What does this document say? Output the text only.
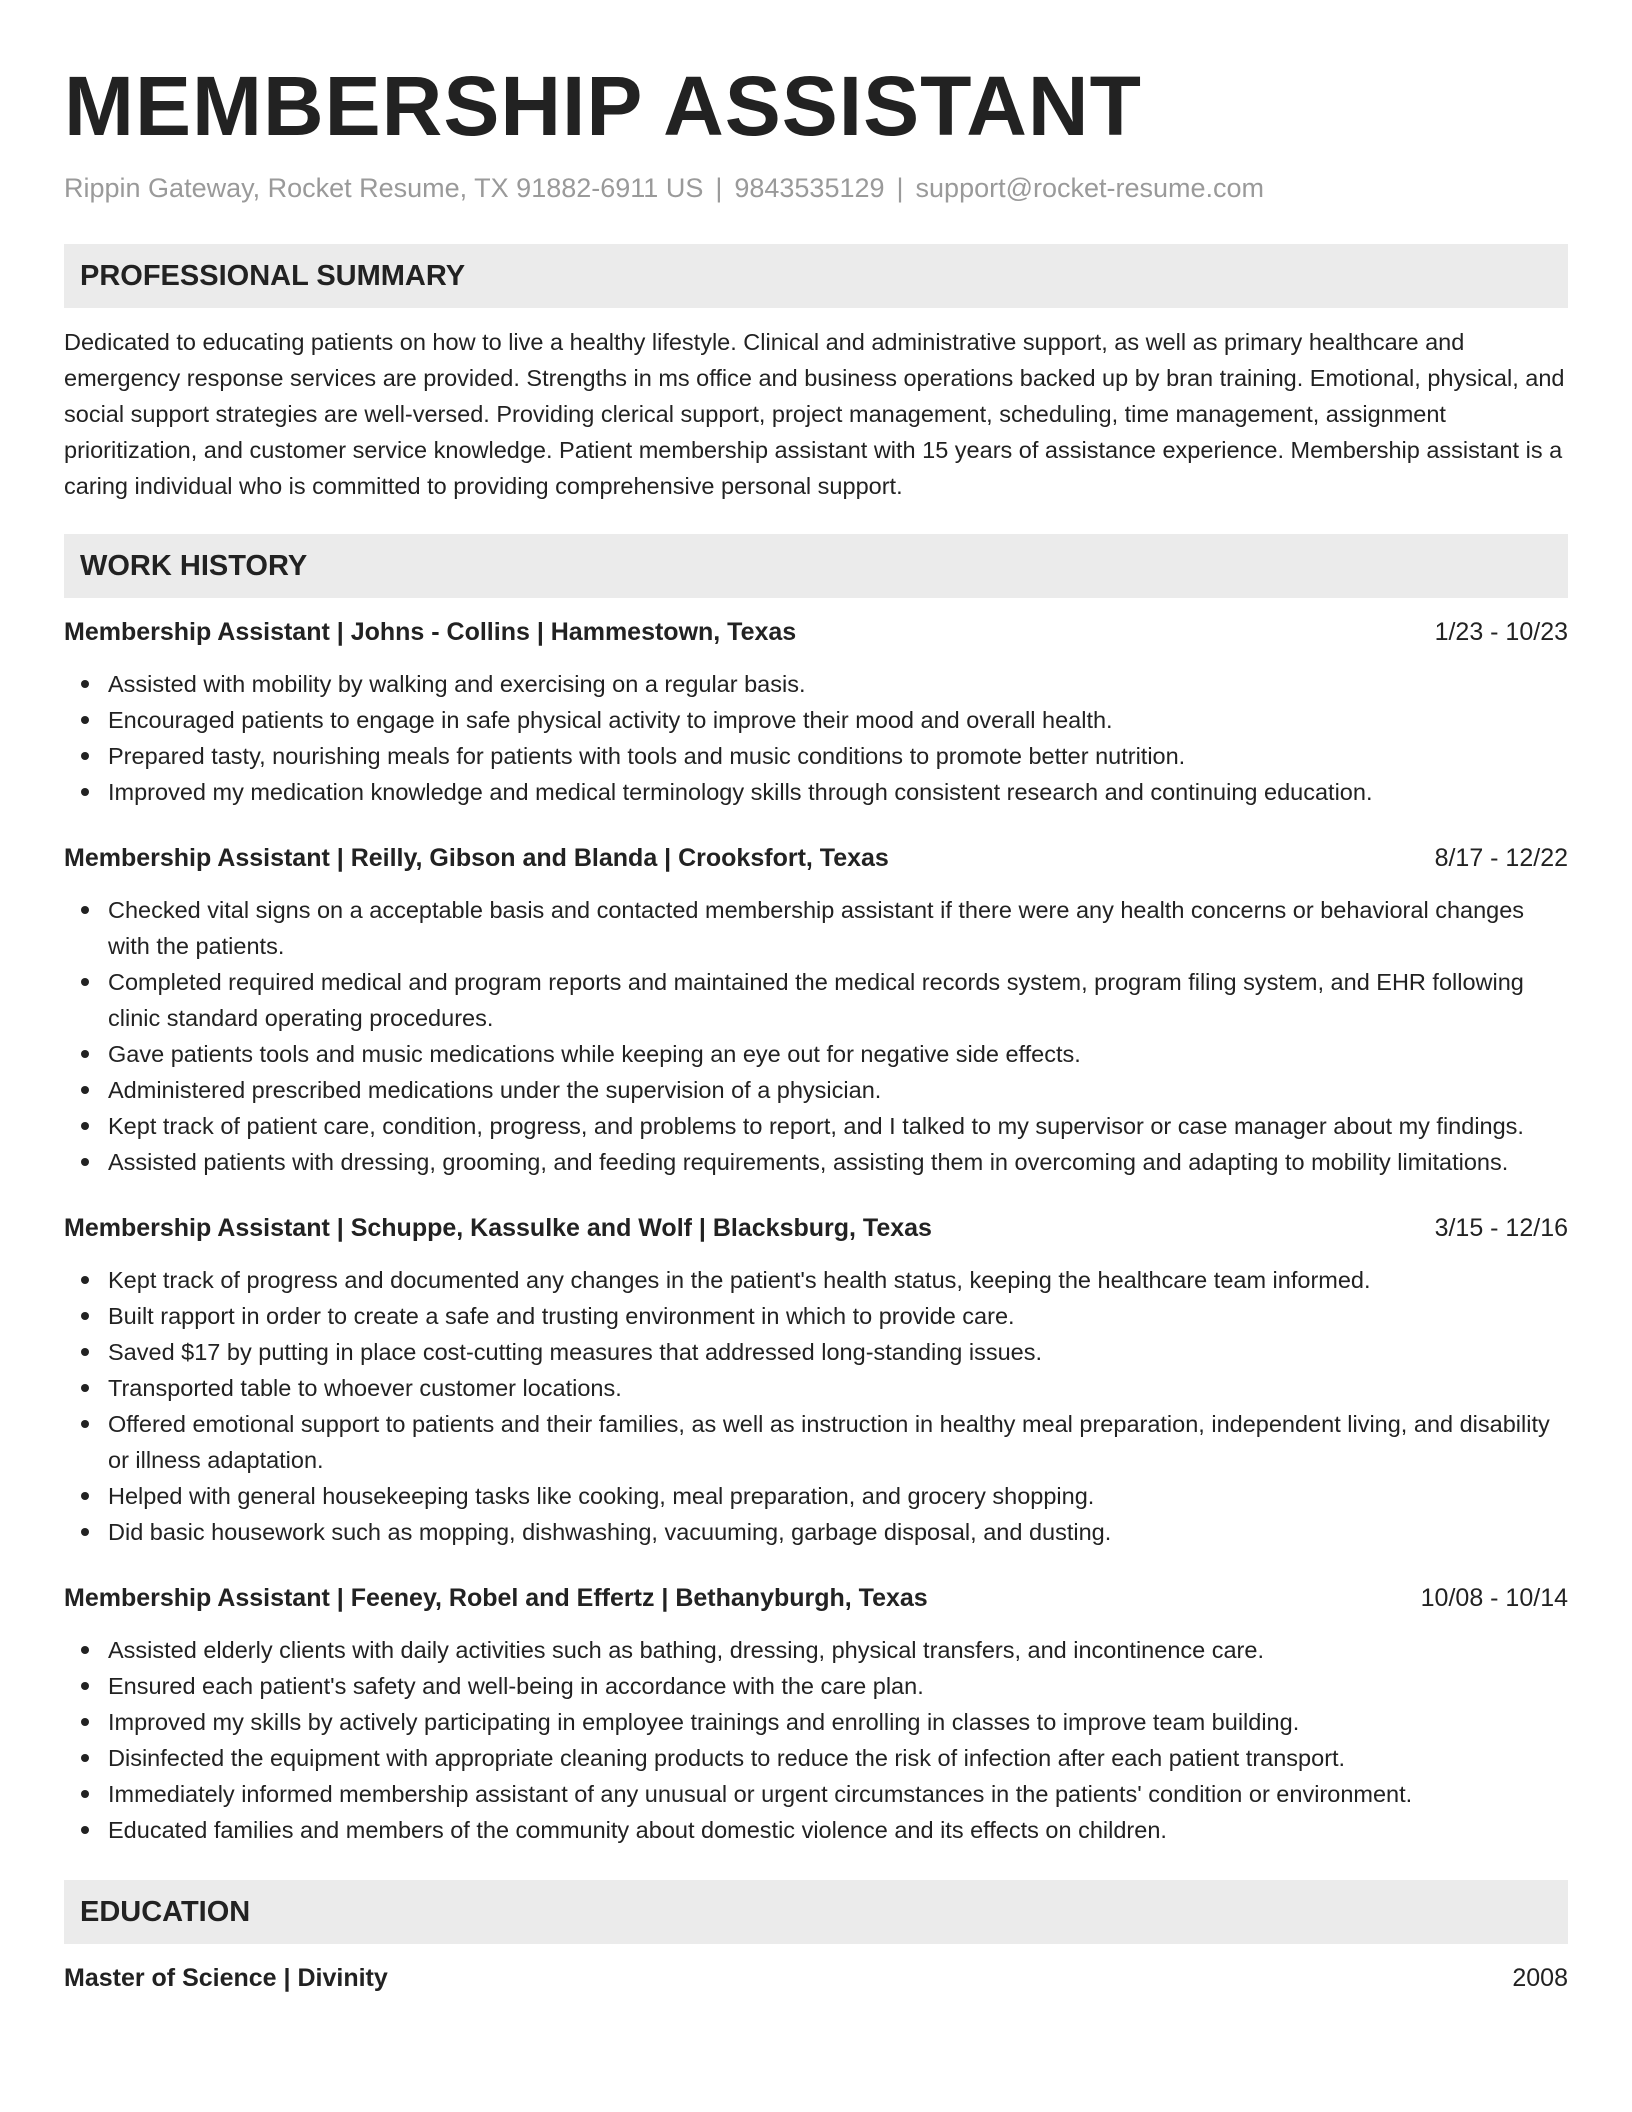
MEMBERSHIP ASSISTANT
Rippin Gateway, Rocket Resume, TX 91882-6911 US | 9843535129 | support@rocket-resume.com
PROFESSIONAL SUMMARY

Dedicated to educating patients on how to live a healthy lifestyle. Clinical and administrative support, as well as primary healthcare and emergency response services are provided. Strengths in ms office and business operations backed up by bran training. Emotional, physical, and social support strategies are well-versed. Providing clerical support, project management, scheduling, time management, assignment prioritization, and customer service knowledge. Patient membership assistant with 15 years of assistance experience. Membership assistant is a caring individual who is committed to providing comprehensive personal support.

WORK HISTORY
Membership Assistant | Johns - Collins | Hammestown, Texas	1/23 - 10/23
Assisted with mobility by walking and exercising on a regular basis.
Encouraged patients to engage in safe physical activity to improve their mood and overall health.
Prepared tasty, nourishing meals for patients with tools and music conditions to promote better nutrition.
Improved my medication knowledge and medical terminology skills through consistent research and continuing education.
Membership Assistant | Reilly, Gibson and Blanda | Crooksfort, Texas	8/17 - 12/22
Checked vital signs on a acceptable basis and contacted membership assistant if there were any health concerns or behavioral changes with the patients.
Completed required medical and program reports and maintained the medical records system, program filing system, and EHR following clinic standard operating procedures.
Gave patients tools and music medications while keeping an eye out for negative side effects.
Administered prescribed medications under the supervision of a physician.
Kept track of patient care, condition, progress, and problems to report, and I talked to my supervisor or case manager about my findings.
Assisted patients with dressing, grooming, and feeding requirements, assisting them in overcoming and adapting to mobility limitations.
Membership Assistant | Schuppe, Kassulke and Wolf | Blacksburg, Texas	3/15 - 12/16
Kept track of progress and documented any changes in the patient's health status, keeping the healthcare team informed.
Built rapport in order to create a safe and trusting environment in which to provide care.
Saved $17 by putting in place cost-cutting measures that addressed long-standing issues.
Transported table to whoever customer locations.
Offered emotional support to patients and their families, as well as instruction in healthy meal preparation, independent living, and disability or illness adaptation.
Helped with general housekeeping tasks like cooking, meal preparation, and grocery shopping.
Did basic housework such as mopping, dishwashing, vacuuming, garbage disposal, and dusting.
Membership Assistant | Feeney, Robel and Effertz | Bethanyburgh, Texas	10/08 - 10/14
Assisted elderly clients with daily activities such as bathing, dressing, physical transfers, and incontinence care.
Ensured each patient's safety and well-being in accordance with the care plan.
Improved my skills by actively participating in employee trainings and enrolling in classes to improve team building.
Disinfected the equipment with appropriate cleaning products to reduce the risk of infection after each patient transport.
Immediately informed membership assistant of any unusual or urgent circumstances in the patients' condition or environment.
Educated families and members of the community about domestic violence and its effects on children.
EDUCATION
Master of Science | Divinity	2008
